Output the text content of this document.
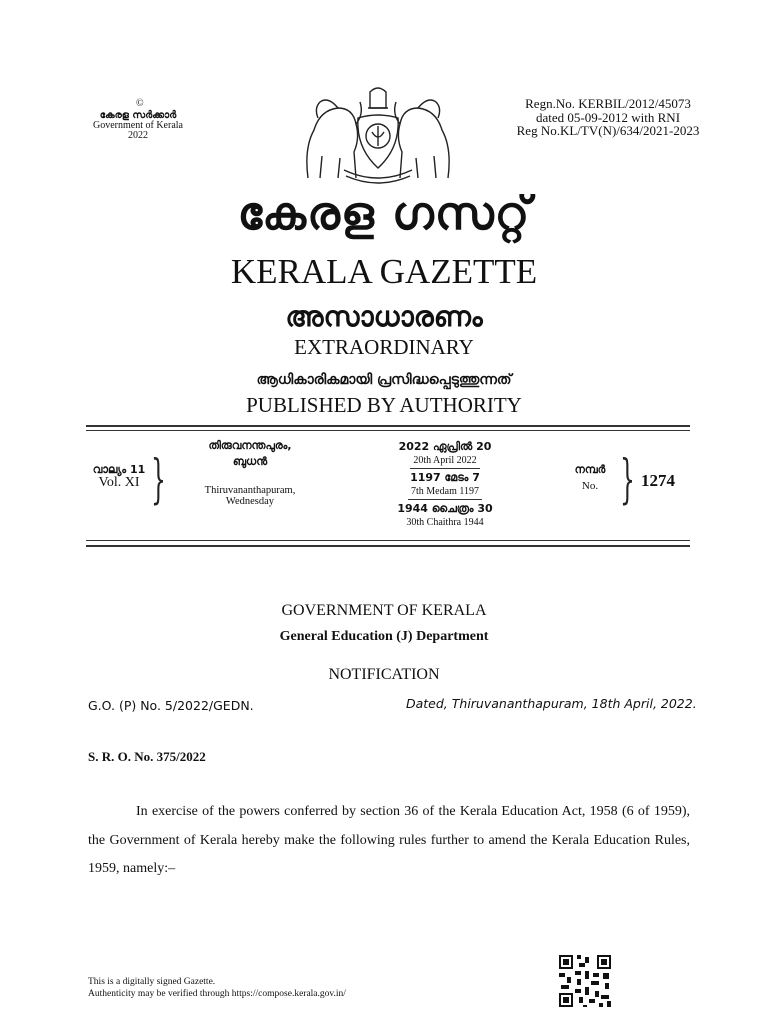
©
കേരള സർക്കാർ
Government of Kerala
2022
Regn.No. KERBIL/2012/45073
dated 05-09-2012 with RNI
Reg No.KL/TV(N)/634/2021-2023
കേരള ഗസറ്റ്
KERALA GAZETTE
അസാധാരണം
EXTRAORDINARY
ആധികാരികമായി പ്രസിദ്ധപ്പെടുത്തുന്നത്
PUBLISHED BY AUTHORITY
വാല്യം 11
Vol. XI }
തിരുവനന്തപുരം,
ബുധൻ
Thiruvananthapuram,
Wednesday
2022 ഏപ്രിൽ 20
20th April 2022
1197 മേടം 7
7th Medam 1197
1944 ചൈത്രം 30
30th Chaithra 1944
നമ്പർ
No. } 1274
GOVERNMENT OF KERALA
General Education (J) Department
NOTIFICATION
G.O. (P) No. 5/2022/GEDN.	Dated, Thiruvananthapuram, 18th April, 2022.
S. R. O. No. 375/2022
In exercise of the powers conferred by section 36 of the Kerala Education Act, 1958 (6 of 1959), the Government of Kerala hereby make the following rules further to amend the Kerala Education Rules, 1959, namely:–
This is a digitally signed Gazette.
Authenticity may be verified through https://compose.kerala.gov.in/
